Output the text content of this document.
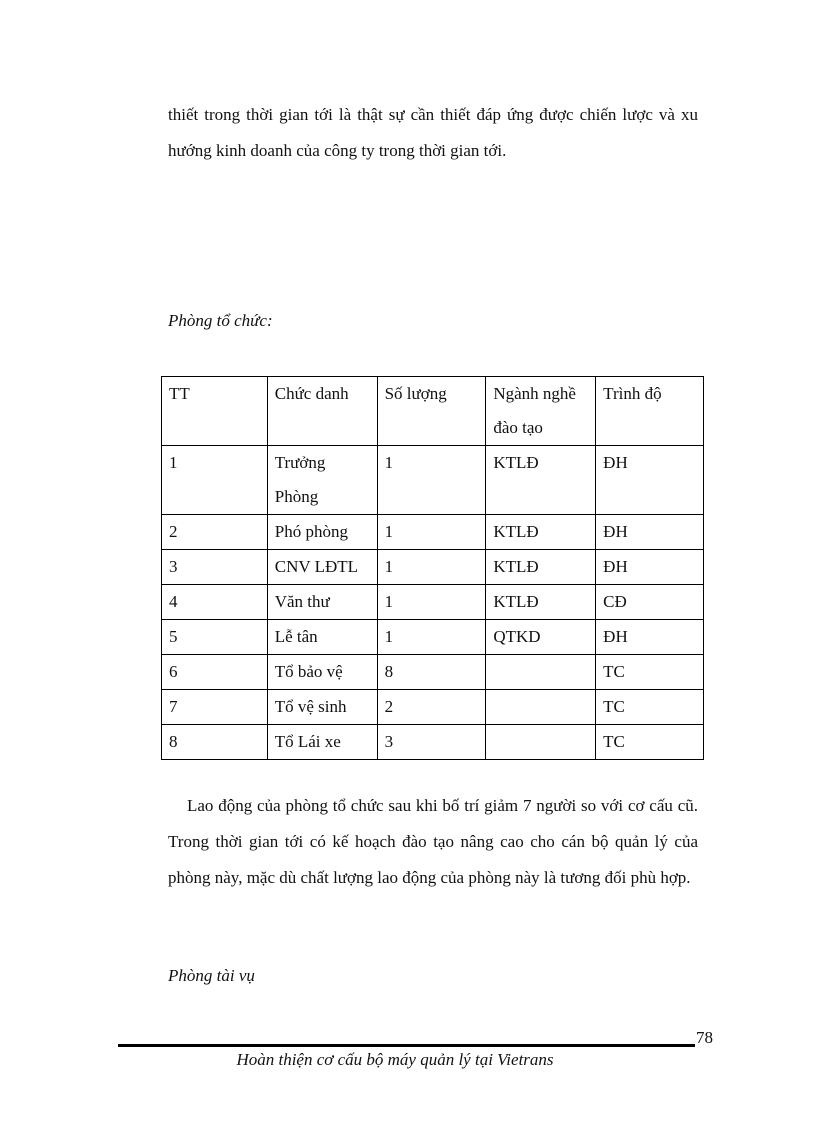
thiết trong thời gian tới là thật sự cần thiết đáp ứng được chiến lược và xu hướng kinh doanh của công ty trong thời gian tới.

Phòng tổ chức:
TT	Chức danh	Số lượng	Ngành nghề đào tạo	Trình độ
1	Trưởng Phòng	1	KTLĐ	ĐH
2	Phó phòng	1	KTLĐ	ĐH
3	CNV LĐTL	1	KTLĐ	ĐH
4	Văn thư	1	KTLĐ	CĐ
5	Lễ tân	1	QTKD	ĐH
6	Tổ bảo vệ	8		TC
7	Tổ vệ sinh	2		TC
8	Tổ Lái xe	3		TC

Lao động của phòng tổ chức sau khi bố trí giảm 7 người so với cơ cấu cũ. Trong thời gian tới có kế hoạch đào tạo nâng cao cho cán bộ quản lý của phòng này, mặc dù chất lượng lao động của phòng này là tương đối phù hợp.

Phòng tài vụ
78
Hoàn thiện cơ cấu bộ máy quản lý tại Vietrans
